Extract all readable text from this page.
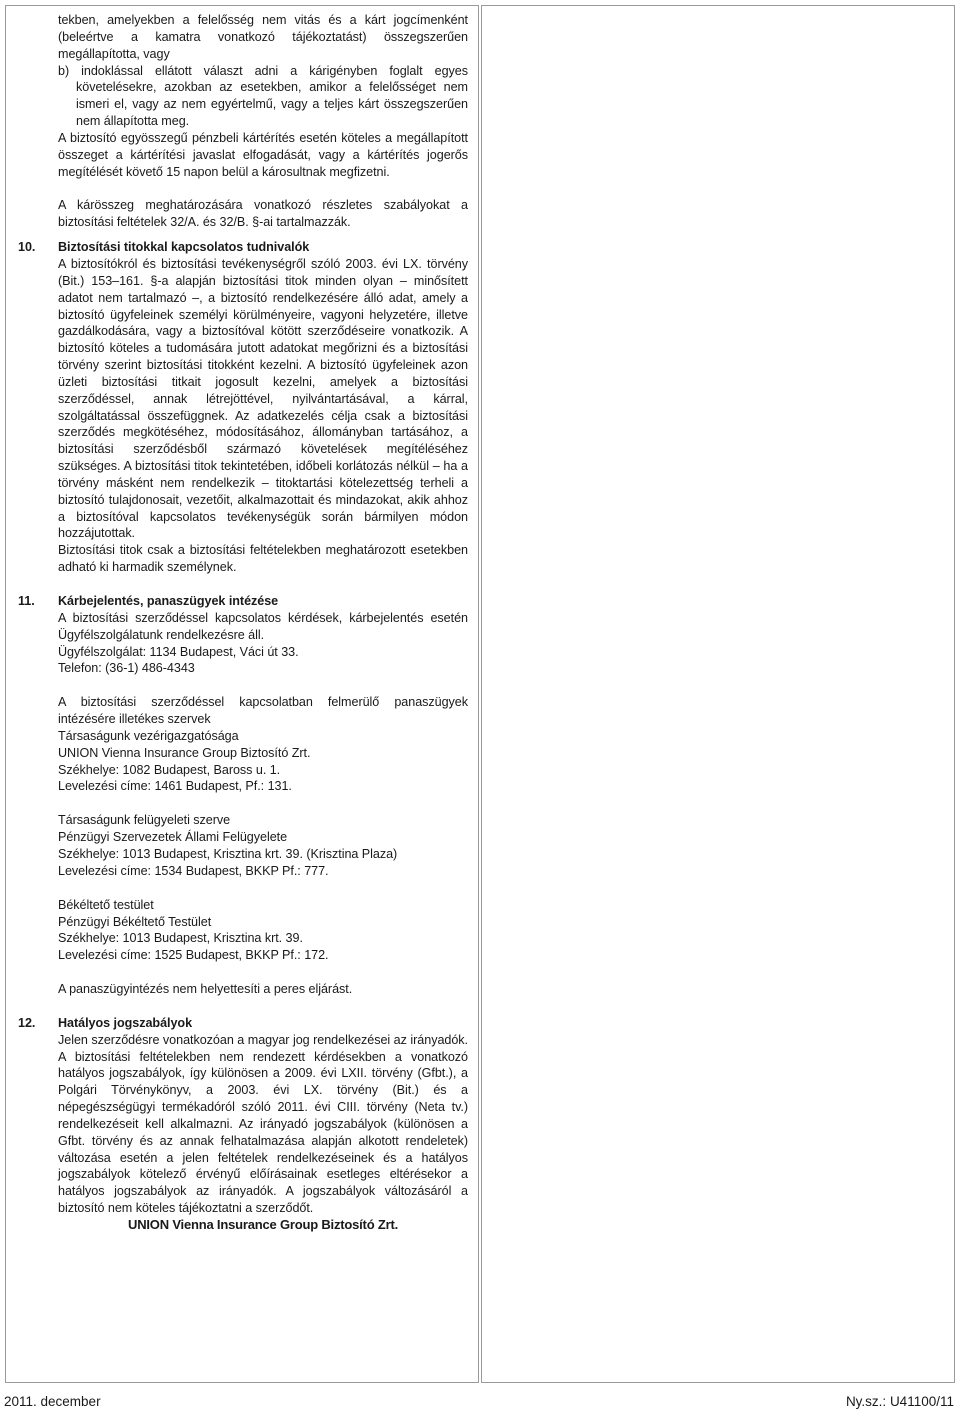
tekben, amelyekben a felelősség nem vitás és a kárt jogcímenként (beleértve a kamatra vonatkozó tájékoztatást) összegszerűen megállapította, vagy

b) indoklással ellátott választ adni a kárigényben foglalt egyes követelésekre, azokban az esetekben, amikor a felelősséget nem ismeri el, vagy az nem egyértelmű, vagy a teljes kárt összegszerűen nem állapította meg.

A biztosító egyösszegű pénzbeli kártérítés esetén köteles a megállapított összeget a kártérítési javaslat elfogadását, vagy a kártérítés jogerős megítélését követő 15 napon belül a károsultnak megfizetni.

A kárösszeg meghatározására vonatkozó részletes szabályokat a biztosítási feltételek 32/A. és 32/B. §-ai tartalmazzák.

10.	Biztosítási titokkal kapcsolatos tudnivalók

A biztosítókról és biztosítási tevékenységről szóló 2003. évi LX. törvény (Bit.) 153–161. §-a alapján biztosítási titok minden olyan – minősített adatot nem tartalmazó –, a biztosító rendelkezésére álló adat, amely a biztosító ügyfeleinek személyi körülményeire, vagyoni helyzetére, illetve gazdálkodására, vagy a biztosítóval kötött szerződéseire vonatkozik. A biztosító köteles a tudomására jutott adatokat megőrizni és a biztosítási törvény szerint biztosítási titokként kezelni. A biztosító ügyfeleinek azon üzleti biztosítási titkait jogosult kezelni, amelyek a biztosítási szerződéssel, annak létrejöttével, nyilvántartásával, a kárral, szolgáltatással összefüggnek. Az adatkezelés célja csak a biztosítási szerződés megkötéséhez, módosításához, állományban tartásához, a biztosítási szerződésből származó követelések megítéléséhez szükséges. A biztosítási titok tekintetében, időbeli korlátozás nélkül – ha a törvény másként nem rendelkezik – titoktartási kötelezettség terheli a biztosító tulajdonosait, vezetőit, alkalmazottait és mindazokat, akik ahhoz a biztosítóval kapcsolatos tevékenységük során bármilyen módon hozzájutottak.

Biztosítási titok csak a biztosítási feltételekben meghatározott esetekben adható ki harmadik személynek.

11.	Kárbejelentés, panaszügyek intézése

A biztosítási szerződéssel kapcsolatos kérdések, kárbejelentés esetén Ügyfélszolgálatunk rendelkezésre áll.

Ügyfélszolgálat: 1134 Budapest, Váci út 33.

Telefon: (36-1) 486-4343

A biztosítási szerződéssel kapcsolatban felmerülő panaszügyek intézésére illetékes szervek

Társaságunk vezérigazgatósága

UNION Vienna Insurance Group Biztosító Zrt.

Székhelye: 1082 Budapest, Baross u. 1.

Levelezési címe: 1461 Budapest, Pf.: 131.

Társaságunk felügyeleti szerve

Pénzügyi Szervezetek Állami Felügyelete

Székhelye: 1013 Budapest, Krisztina krt. 39. (Krisztina Plaza)

Levelezési címe: 1534 Budapest, BKKP Pf.: 777.

Békéltető testület

Pénzügyi Békéltető Testület

Székhelye: 1013 Budapest, Krisztina krt. 39.

Levelezési címe: 1525 Budapest, BKKP Pf.: 172.

A panaszügyintézés nem helyettesíti a peres eljárást.

12.	Hatályos jogszabályok

Jelen szerződésre vonatkozóan a magyar jog rendelkezései az irányadók. A biztosítási feltételekben nem rendezett kérdésekben a vonatkozó hatályos jogszabályok, így különösen a 2009. évi LXII. törvény (Gfbt.), a Polgári Törvénykönyv, a 2003. évi LX. törvény (Bit.) és a népegészségügyi termékadóról szóló 2011. évi CIII. törvény (Neta tv.) rendelkezéseit kell alkalmazni. Az irányadó jogszabályok (különösen a Gfbt. törvény és az annak felhatalmazása alapján alkotott rendeletek) változása esetén a jelen feltételek rendelkezéseinek és a hatályos jogszabályok kötelező érvényű előírásainak esetleges eltérésekor a hatályos jogszabályok az irányadók. A jogszabályok változásáról a biztosító nem köteles tájékoztatni a szerződőt.

UNION Vienna Insurance Group Biztosító Zrt.

2011. december	Ny.sz.: U41100/11
